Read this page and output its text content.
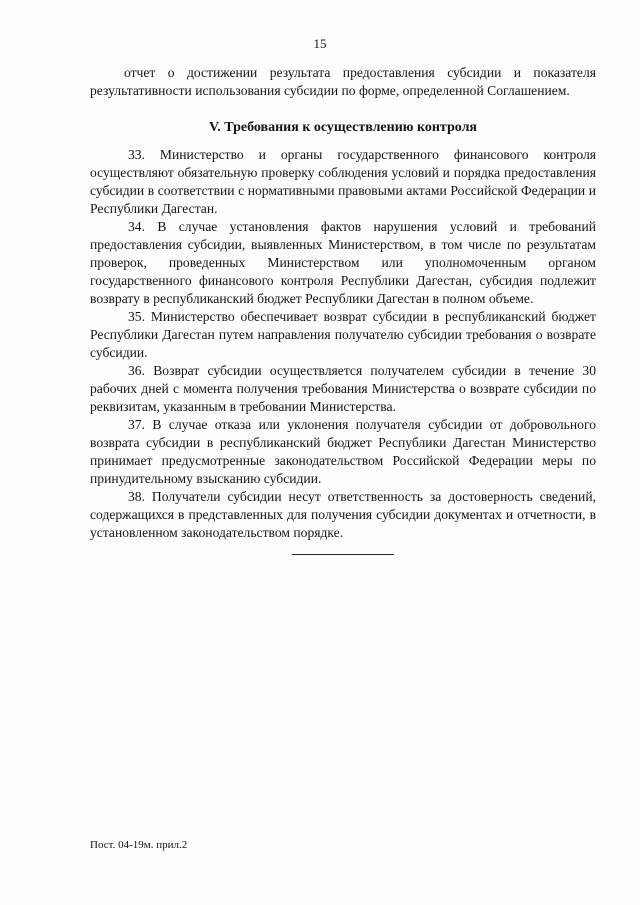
15

отчет о достижении результата предоставления субсидии и показателя результативности использования субсидии по форме, определенной Соглашением.

V. Требования к осуществлению контроля

33. Министерство и органы государственного финансового контроля осуществляют обязательную проверку соблюдения условий и порядка предоставления субсидии в соответствии с нормативными правовыми актами Российской Федерации и Республики Дагестан.

34. В случае установления фактов нарушения условий и требований предоставления субсидии, выявленных Министерством, в том числе по результатам проверок, проведенных Министерством или уполномоченным органом государственного финансового контроля Республики Дагестан, субсидия подлежит возврату в республиканский бюджет Республики Дагестан в полном объеме.

35. Министерство обеспечивает возврат субсидии в республиканский бюджет Республики Дагестан путем направления получателю субсидии требования о возврате субсидии.

36. Возврат субсидии осуществляется получателем субсидии в течение 30 рабочих дней с момента получения требования Министерства о возврате субсидии по реквизитам, указанным в требовании Министерства.

37. В случае отказа или уклонения получателя субсидии от добровольного возврата субсидии в республиканский бюджет Республики Дагестан Министерство принимает предусмотренные законодательством Российской Федерации меры по принудительному взысканию субсидии.

38. Получатели субсидии несут ответственность за достоверность сведений, содержащихся в представленных для получения субсидии документах и отчетности, в установленном законодательством порядке.

Пост. 04-19м. прил.2
